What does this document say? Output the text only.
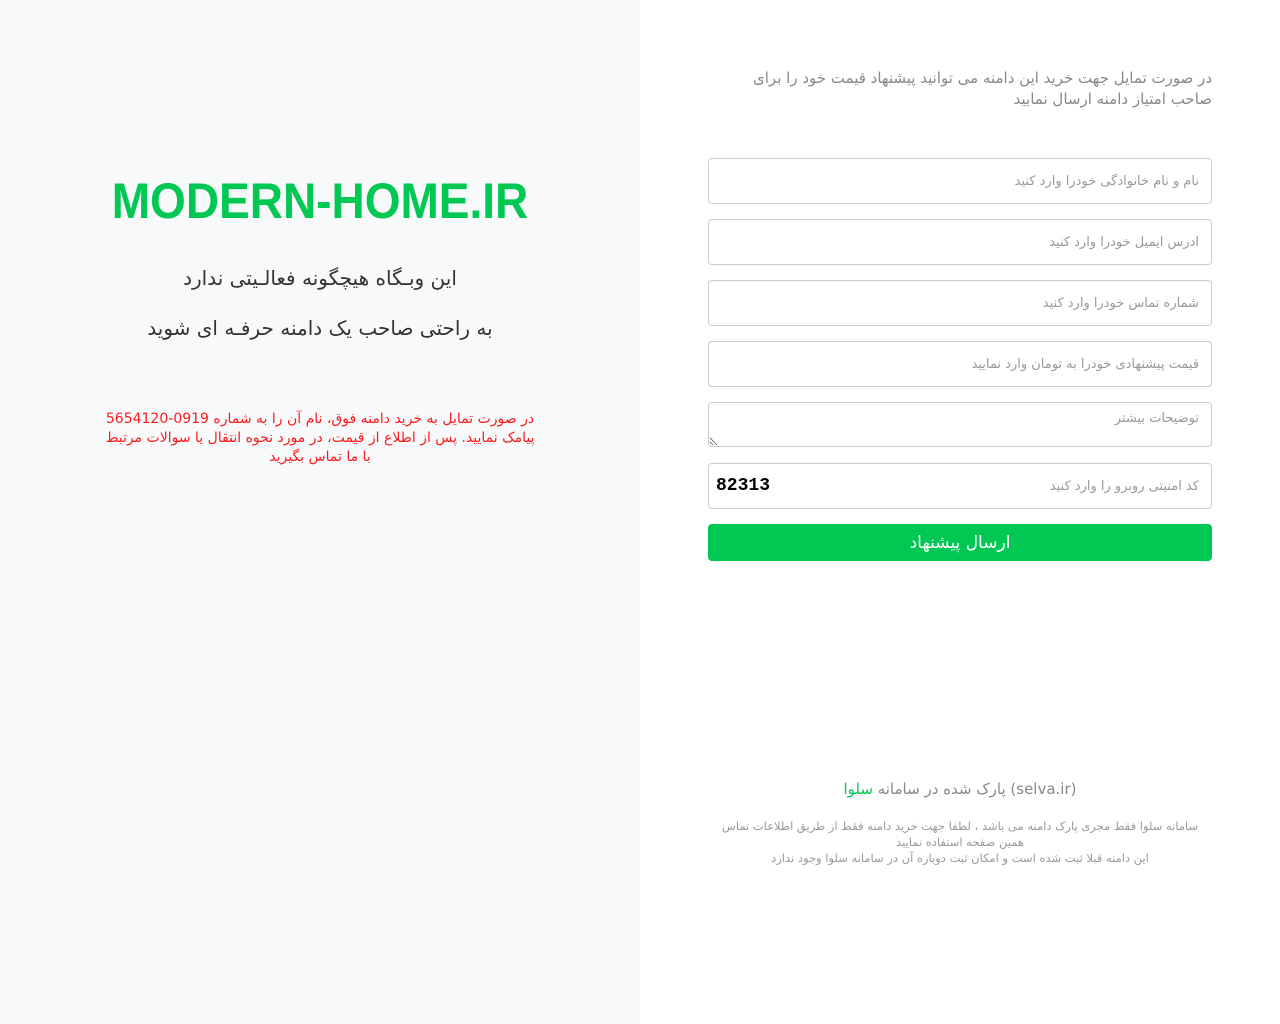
MODERN-HOME.IR
این وبـگاه هیچگونه فعالـیتی ندارد
به راحتی صاحب یک دامنه حرفـه ای شوید
در صورت تمایل به خرید دامنه فوق، نام آن را به شماره 0919-5654120 پیامک نمایید. پس از اطلاع از قیمت، در مورد نحوه انتقال یا سوالات مرتبط با ما تماس بگیرید
در صورت تمایل جهت خرید این دامنه می توانید پیشنهاد قیمت خود را برای صاحب امتیاز دامنه ارسال نمایید
نام و نام خانوادگی خودرا وارد کنید
آدرس ایمیل خودرا وارد کنید
شماره تماس خودرا وارد کنید
قیمت پیشنهادی خودرا به تومان وارد نمایید
توضیحات بیشتر
کد امنیتی روبرو را وارد کنید
82313
ارسال پیشنهاد
(selva.ir) پارک شده در سامانه سلوا
سامانه سلوا فقط مجری پارک دامنه می باشد ، لطفا جهت خرید دامنه فقط از طریق اطلاعات تماس همین صفحه استفاده نمایید
این دامنه قبلا ثبت شده است و امکان ثبت دوباره آن در سامانه سلوا وجود ندارد
